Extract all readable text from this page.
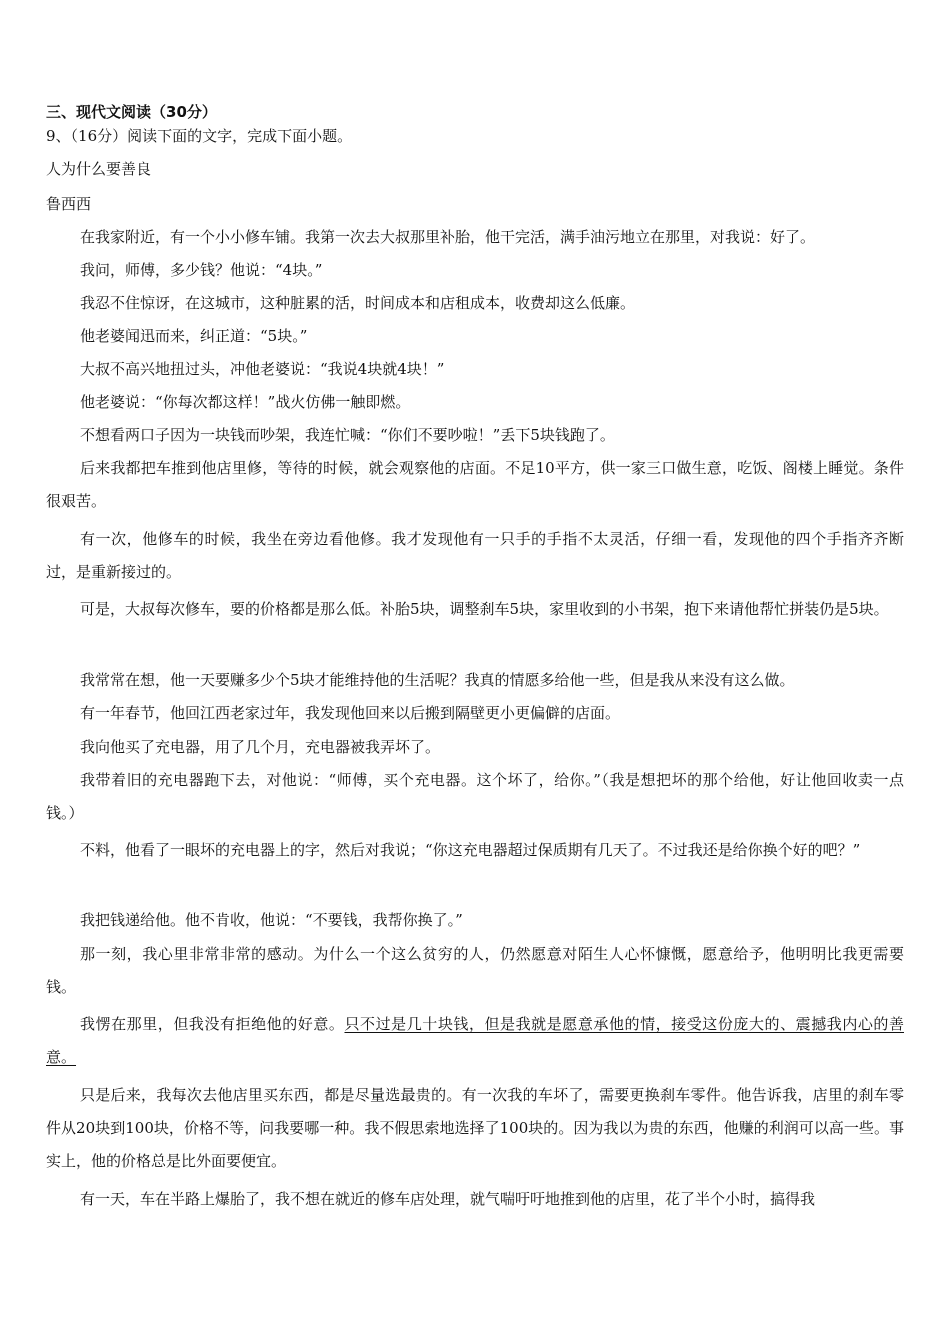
三、现代文阅读（30分）
9、（16分）阅读下面的文字，完成下面小题。
人为什么要善良
鲁西西
在我家附近，有一个小小修车铺。我第一次去大叔那里补胎，他干完活，满手油污地立在那里，对我说：好了。
我问，师傅，多少钱？他说：“4块。”
我忍不住惊讶，在这城市，这种脏累的活，时间成本和店租成本，收费却这么低廉。
他老婆闻迅而来，纠正道：“5块。”
大叔不高兴地扭过头，冲他老婆说：“我说4块就4块！”
他老婆说：“你每次都这样！”战火仿佛一触即燃。
不想看两口子因为一块钱而吵架，我连忙喊：“你们不要吵啦！”丢下5块钱跑了。
后来我都把车推到他店里修，等待的时候，就会观察他的店面。不足10平方，供一家三口做生意，吃饭、阁楼上睡觉。条件很艰苦。
有一次，他修车的时候，我坐在旁边看他修。我才发现他有一只手的手指不太灵活，仔细一看，发现他的四个手指齐齐断过，是重新接过的。
可是，大叔每次修车，要的价格都是那么低。补胎5块，调整刹车5块，家里收到的小书架，抱下来请他帮忙拼装仍是5块。
我常常在想，他一天要赚多少个5块才能维持他的生活呢？我真的情愿多给他一些，但是我从来没有这么做。
有一年春节，他回江西老家过年，我发现他回来以后搬到隔壁更小更偏僻的店面。
我向他买了充电器，用了几个月，充电器被我弄坏了。
我带着旧的充电器跑下去，对他说：“师傅，买个充电器。这个坏了，给你。”（我是想把坏的那个给他，好让他回收卖一点钱。）
不料，他看了一眼坏的充电器上的字，然后对我说；“你这充电器超过保质期有几天了。不过我还是给你换个好的吧？”
我把钱递给他。他不肯收，他说：“不要钱，我帮你换了。”
那一刻，我心里非常非常的感动。为什么一个这么贫穷的人，仍然愿意对陌生人心怀慷慨，愿意给予，他明明比我更需要钱。
我愣在那里，但我没有拒绝他的好意。只不过是几十块钱，但是我就是愿意承他的情，接受这份庞大的、震撼我内心的善意。
只是后来，我每次去他店里买东西，都是尽量选最贵的。有一次我的车坏了，需要更换刹车零件。他告诉我，店里的刹车零件从20块到100块，价格不等，问我要哪一种。我不假思索地选择了100块的。因为我以为贵的东西，他赚的利润可以高一些。事实上，他的价格总是比外面要便宜。
有一天，车在半路上爆胎了，我不想在就近的修车店处理，就气喘吁吁地推到他的店里，花了半个小时，搞得我
